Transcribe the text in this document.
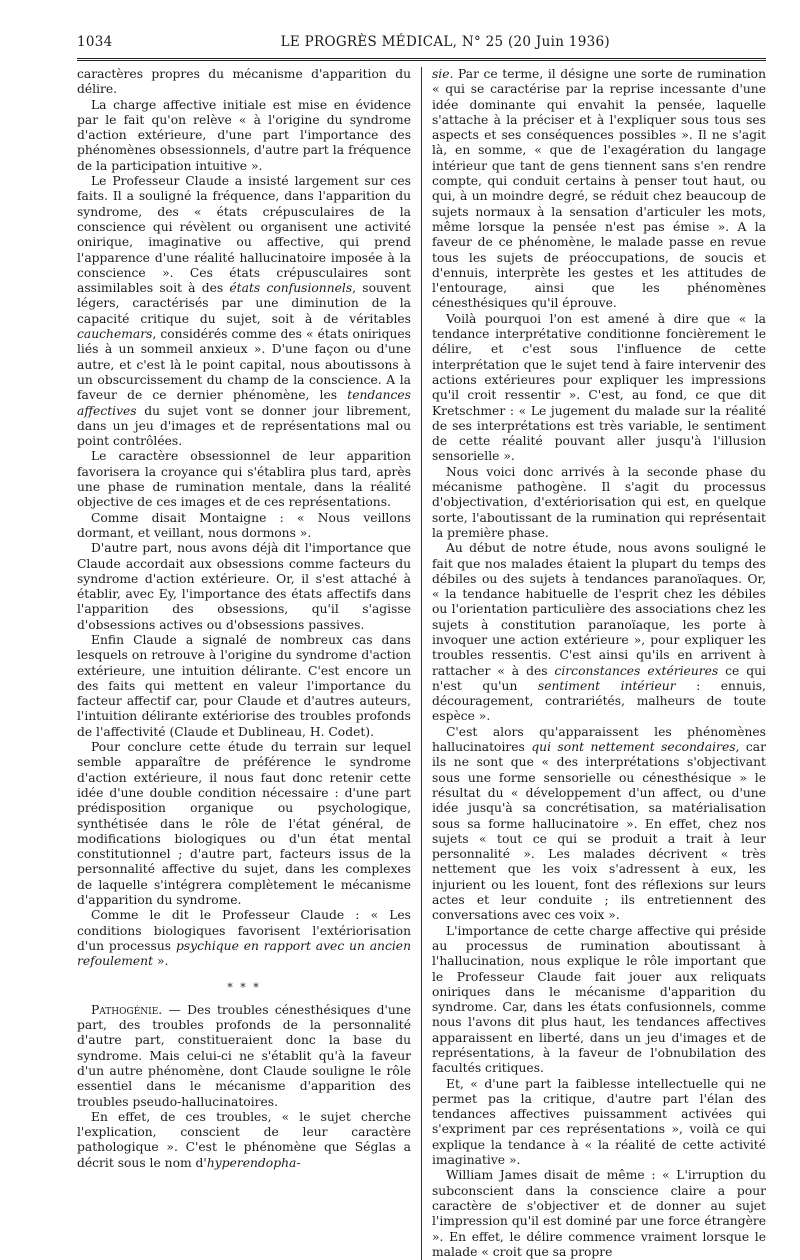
1034	LE PROGRÈS MÉDICAL, N° 25 (20 Juin 1936)

caractères propres du mécanisme d'apparition du délire.

La charge affective initiale est mise en évidence par le fait qu'on relève « à l'origine du syndrome d'action extérieure, d'une part l'importance des phénomènes obsessionnels, d'autre part la fréquence de la participation intuitive ».

Le Professeur Claude a insisté largement sur ces faits. Il a souligné la fréquence, dans l'apparition du syndrome, des « états crépusculaires de la conscience qui révèlent ou organisent une activité onirique, imaginative ou affective, qui prend l'apparence d'une réalité hallucinatoire imposée à la conscience ». Ces états crépusculaires sont assimilables soit à des états confusionnels, souvent légers, caractérisés par une diminution de la capacité critique du sujet, soit à de véritables cauchemars, considérés comme des « états oniriques liés à un sommeil anxieux ». D'une façon ou d'une autre, et c'est là le point capital, nous aboutissons à un obscurcissement du champ de la conscience. A la faveur de ce dernier phénomène, les tendances affectives du sujet vont se donner jour librement, dans un jeu d'images et de représentations mal ou point contrôlées.

Le caractère obsessionnel de leur apparition favorisera la croyance qui s'établira plus tard, après une phase de rumination mentale, dans la réalité objective de ces images et de ces représentations.

Comme disait Montaigne : « Nous veillons dormant, et veillant, nous dormons ».

D'autre part, nous avons déjà dit l'importance que Claude accordait aux obsessions comme facteurs du syndrome d'action extérieure. Or, il s'est attaché à établir, avec Ey, l'importance des états affectifs dans l'apparition des obsessions, qu'il s'agisse d'obsessions actives ou d'obsessions passives.

Enfin Claude a signalé de nombreux cas dans lesquels on retrouve à l'origine du syndrome d'action extérieure, une intuition délirante. C'est encore un des faits qui mettent en valeur l'importance du facteur affectif car, pour Claude et d'autres auteurs, l'intuition délirante extériorise des troubles profonds de l'affectivité (Claude et Dublineau, H. Codet).

Pour conclure cette étude du terrain sur lequel semble apparaître de préférence le syndrome d'action extérieure, il nous faut donc retenir cette idée d'une double condition nécessaire : d'une part prédisposition organique ou psychologique, synthétisée dans le rôle de l'état général, de modifications biologiques ou d'un état mental constitutionnel ; d'autre part, facteurs issus de la personnalité affective du sujet, dans les complexes de laquelle s'intégrera complètement le mécanisme d'apparition du syndrome.

Comme le dit le Professeur Claude : « Les conditions biologiques favorisent l'extériorisation d'un processus psychique en rapport avec un ancien refoulement ».

* * *

Pathogénie. — Des troubles cénesthésiques d'une part, des troubles profonds de la personnalité d'autre part, constitueraient donc la base du syndrome. Mais celui-ci ne s'établit qu'à la faveur d'un autre phénomène, dont Claude souligne le rôle essentiel dans le mécanisme d'apparition des troubles pseudo-hallucinatoires.

En effet, de ces troubles, « le sujet cherche l'explication, conscient de leur caractère pathologique ». C'est le phénomène que Séglas a décrit sous le nom d'hyperendopha-

sie. Par ce terme, il désigne une sorte de rumination « qui se caractérise par la reprise incessante d'une idée dominante qui envahit la pensée, laquelle s'attache à la préciser et à l'expliquer sous tous ses aspects et ses conséquences possibles ». Il ne s'agit là, en somme, « que de l'exagération du langage intérieur que tant de gens tiennent sans s'en rendre compte, qui conduit certains à penser tout haut, ou qui, à un moindre degré, se réduit chez beaucoup de sujets normaux à la sensation d'articuler les mots, même lorsque la pensée n'est pas émise ». A la faveur de ce phénomène, le malade passe en revue tous les sujets de préoccupations, de soucis et d'ennuis, interprète les gestes et les attitudes de l'entourage, ainsi que les phénomènes cénesthésiques qu'il éprouve.

Voilà pourquoi l'on est amené à dire que « la tendance interprétative conditionne foncièrement le délire, et c'est sous l'influence de cette interprétation que le sujet tend à faire intervenir des actions extérieures pour expliquer les impressions qu'il croit ressentir ». C'est, au fond, ce que dit Kretschmer : « Le jugement du malade sur la réalité de ses interprétations est très variable, le sentiment de cette réalité pouvant aller jusqu'à l'illusion sensorielle ».

Nous voici donc arrivés à la seconde phase du mécanisme pathogène. Il s'agit du processus d'objectivation, d'extériorisation qui est, en quelque sorte, l'aboutissant de la rumination qui représentait la première phase.

Au début de notre étude, nous avons souligné le fait que nos malades étaient la plupart du temps des débiles ou des sujets à tendances paranoïaques. Or, « la tendance habituelle de l'esprit chez les débiles ou l'orientation particulière des associations chez les sujets à constitution paranoïaque, les porte à invoquer une action extérieure », pour expliquer les troubles ressentis. C'est ainsi qu'ils en arrivent à rattacher « à des circonstances extérieures ce qui n'est qu'un sentiment intérieur : ennuis, découragement, contrariétés, malheurs de toute espèce ».

C'est alors qu'apparaissent les phénomènes hallucinatoires qui sont nettement secondaires, car ils ne sont que « des interprétations s'objectivant sous une forme sensorielle ou cénesthésique » le résultat du « développement d'un affect, ou d'une idée jusqu'à sa concrétisation, sa matérialisation sous sa forme hallucinatoire ». En effet, chez nos sujets « tout ce qui se produit a trait à leur personnalité ». Les malades décrivent « très nettement que les voix s'adressent à eux, les injurient ou les louent, font des réflexions sur leurs actes et leur conduite ; ils entretiennent des conversations avec ces voix ».

L'importance de cette charge affective qui préside au processus de rumination aboutissant à l'hallucination, nous explique le rôle important que le Professeur Claude fait jouer aux reliquats oniriques dans le mécanisme d'apparition du syndrome. Car, dans les états confusionnels, comme nous l'avons dit plus haut, les tendances affectives apparaissent en liberté, dans un jeu d'images et de représentations, à la faveur de l'obnubilation des facultés critiques.

Et, « d'une part la faiblesse intellectuelle qui ne permet pas la critique, d'autre part l'élan des tendances affectives puissamment activées qui s'expriment par ces représentations », voilà ce qui explique la tendance à « la réalité de cette activité imaginative ».

William James disait de même : « L'irruption du subconscient dans la conscience claire a pour caractère de s'objectiver et de donner au sujet l'impression qu'il est dominé par une force étrangère ». En effet, le délire commence vraiment lorsque le malade « croit que sa propre
